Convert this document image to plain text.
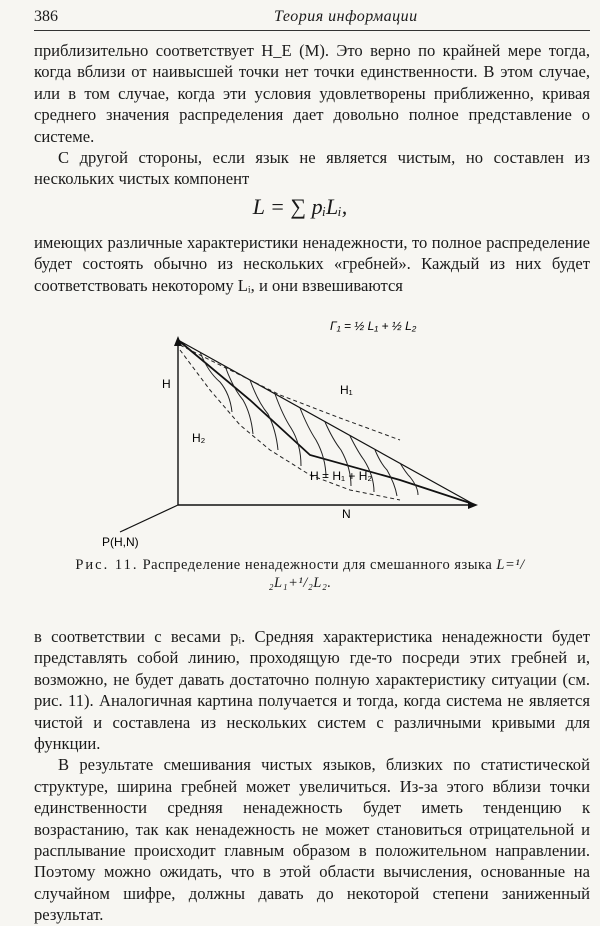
386	Теория информации

приблизительно соответствует H_E (M). Это верно по крайней мере тогда, когда вблизи от наивысшей точки нет точки единственности. В этом случае, или в том случае, когда эти условия удовлетворены приближенно, кривая среднего значения распределения дает довольно полное представление о системе.

С другой стороны, если язык не является чистым, но составлен из нескольких чистых компонент

L = ∑ pᵢLᵢ,

имеющих различные характеристики ненадежности, то полное распределение будет состоять обычно из нескольких «гребней». Каждый из них будет соответствовать некоторому Lᵢ, и они взвешиваются

Γ₁ = ½ L₁ + ½ L₂
H	H₁
H₂
H = H₁ + H₂
N
P(H,N)
Рис. 11. Распределение ненадежности для смешанного языка L=¹/₂L₁+¹/₂L₂.

в соответствии с весами pᵢ. Средняя характеристика ненадежности будет представлять собой линию, проходящую где-то посреди этих гребней и, возможно, не будет давать достаточно полную характеристику ситуации (см. рис. 11). Аналогичная картина получается и тогда, когда система не является чистой и составлена из нескольких систем с различными кривыми для функции.

В результате смешивания чистых языков, близких по статистической структуре, ширина гребней может увеличиться. Из-за этого вблизи точки единственности средняя ненадежность будет иметь тенденцию к возрастанию, так как ненадежность не может становиться отрицательной и расплывание происходит главным образом в положительном направлении. Поэтому можно ожидать, что в этой области вычисления, основанные на случайном шифре, должны давать до некоторой степени заниженный результат.
